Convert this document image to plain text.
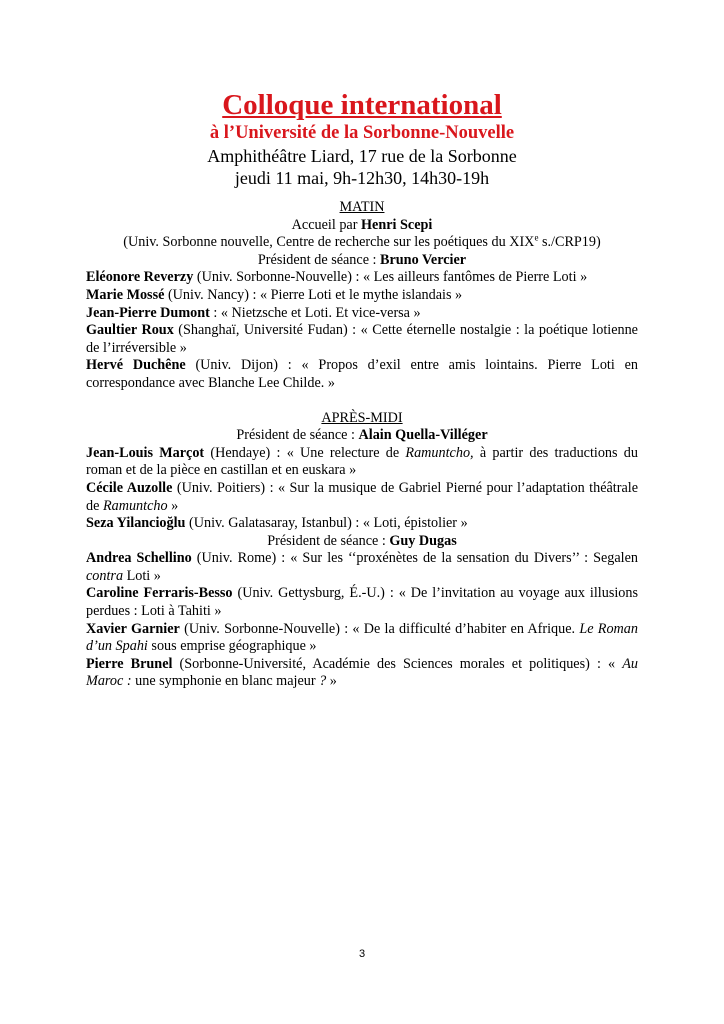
Colloque international

à l’Université de la Sorbonne-Nouvelle

Amphithéâtre Liard, 17 rue de la Sorbonne

jeudi 11 mai, 9h-12h30, 14h30-19h

MATIN

Accueil par Henri Scepi

(Univ. Sorbonne nouvelle, Centre de recherche sur les poétiques du XIXe s./CRP19)

Président de séance : Bruno Vercier

Eléonore Reverzy (Univ. Sorbonne-Nouvelle) : « Les ailleurs fantômes de Pierre Loti »

Marie Mossé (Univ. Nancy) : « Pierre Loti et le mythe islandais »

Jean-Pierre Dumont : « Nietzsche et Loti. Et vice-versa »

Gaultier Roux (Shanghaï, Université Fudan) : « Cette éternelle nostalgie : la poétique lotienne de l’irréversible »

Hervé Duchêne (Univ. Dijon) : « Propos d’exil entre amis lointains. Pierre Loti en correspondance avec Blanche Lee Childe. »

APRÈS-MIDI

Président de séance : Alain Quella-Villéger

Jean-Louis Marçot (Hendaye) : « Une relecture de Ramuntcho, à partir des traductions du roman et de la pièce en castillan et en euskara »

Cécile Auzolle (Univ. Poitiers) : « Sur la musique de Gabriel Pierné pour l’adaptation théâtrale de Ramuntcho »

Seza Yilancioğlu (Univ. Galatasaray, Istanbul) : « Loti, épistolier »

Président de séance : Guy Dugas

Andrea Schellino (Univ. Rome) : « Sur les ‘‘proxénètes de la sensation du Divers’’ : Segalen contra Loti »

Caroline Ferraris-Besso (Univ. Gettysburg, É.-U.) : « De l’invitation au voyage aux illusions perdues : Loti à Tahiti »

Xavier Garnier (Univ. Sorbonne-Nouvelle) : « De la difficulté d’habiter en Afrique. Le Roman d’un Spahi sous emprise géographique »

Pierre Brunel (Sorbonne-Université, Académie des Sciences morales et politiques) : « Au Maroc : une symphonie en blanc majeur ? »

3
